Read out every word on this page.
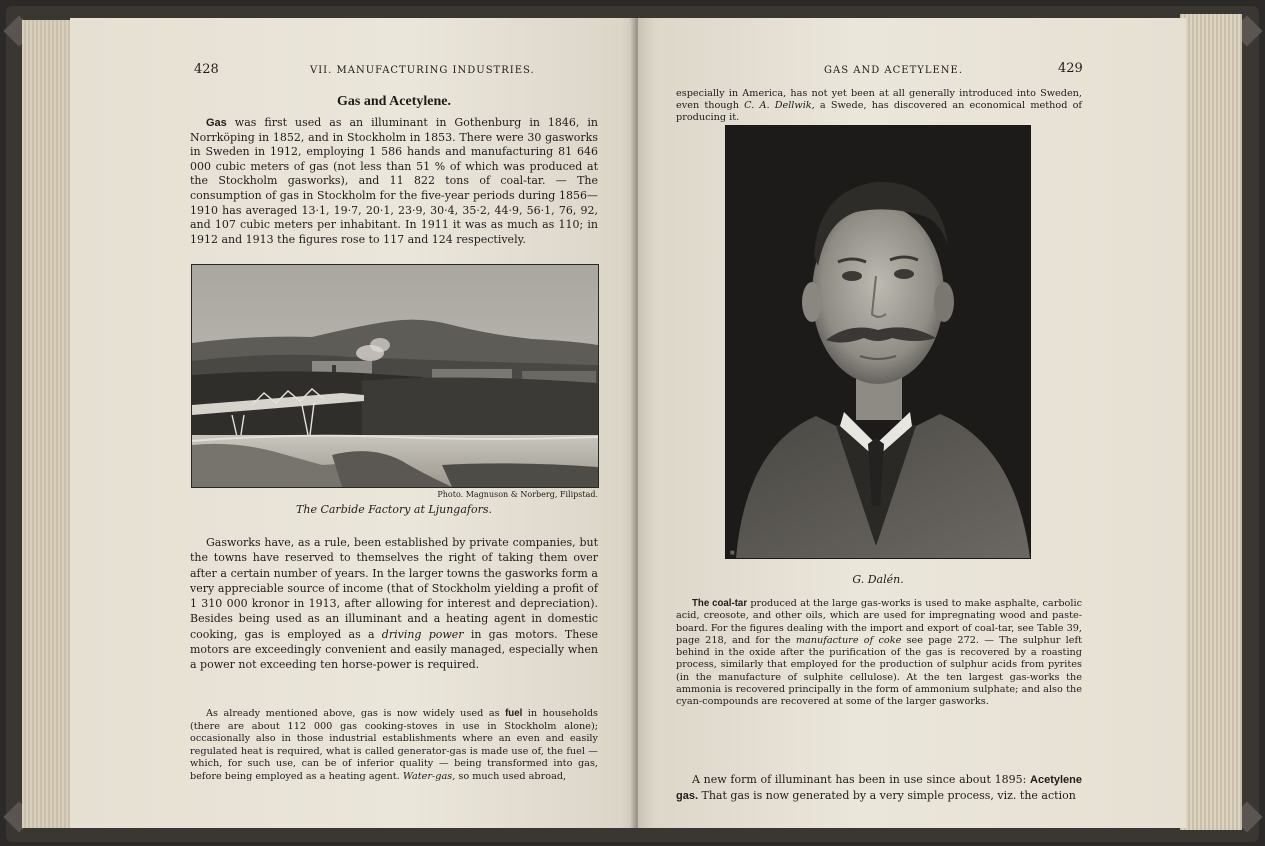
428	VII. MANUFACTURING INDUSTRIES.
Gas and Acetylene.
Gas was first used as an illuminant in Gothenburg in 1846, in Norrköping in 1852, and in Stockholm in 1853. There were 30 gasworks in Sweden in 1912, employing 1 586 hands and manufacturing 81 646 000 cubic meters of gas (not less than 51 % of which was produced at the Stockholm gasworks), and 11 822 tons of coal-tar. — The consumption of gas in Stockholm for the five-year periods during 1856—1910 has averaged 13·1, 19·7, 20·1, 23·9, 30·4, 35·2, 44·9, 56·1, 76, 92, and 107 cubic meters per inhabitant. In 1911 it was as much as 110; in 1912 and 1913 the figures rose to 117 and 124 respectively.
Photo. Magnuson & Norberg, Filipstad.
The Carbide Factory at Ljungafors.
Gasworks have, as a rule, been established by private companies, but the towns have reserved to themselves the right of taking them over after a certain number of years. In the larger towns the gasworks form a very appreciable source of income (that of Stockholm yielding a profit of 1 310 000 kronor in 1913, after allowing for interest and depreciation). Besides being used as an illuminant and a heating agent in domestic cooking, gas is employed as a driving power in gas motors. These motors are exceedingly convenient and easily managed, especially when a power not exceeding ten horse-power is required.
As already mentioned above, gas is now widely used as fuel in households (there are about 112 000 gas cooking-stoves in use in Stockholm alone); occasionally also in those industrial establishments where an even and easily regulated heat is required, what is called generator-gas is made use of, the fuel — which, for such use, can be of inferior quality — being transformed into gas, before being employed as a heating agent. Water-gas, so much used abroad,
GAS AND ACETYLENE.	429
especially in America, has not yet been at all generally introduced into Sweden, even though C. A. Dellwik, a Swede, has discovered an economical method of producing it.
■
G. Dalén.
The coal-tar produced at the large gas-works is used to make asphalte, carbolic acid, creosote, and other oils, which are used for impregnating wood and paste-board. For the figures dealing with the import and export of coal-tar, see Table 39, page 218, and for the manufacture of coke see page 272. — The sulphur left behind in the oxide after the purification of the gas is recovered by a roasting process, similarly that employed for the production of sulphur acids from pyrites (in the manufacture of sulphite cellulose). At the ten largest gas-works the ammonia is recovered principally in the form of ammonium sulphate; and also the cyan-compounds are recovered at some of the larger gasworks.
A new form of illuminant has been in use since about 1895: Acetylene gas. That gas is now generated by a very simple process, viz. the action
